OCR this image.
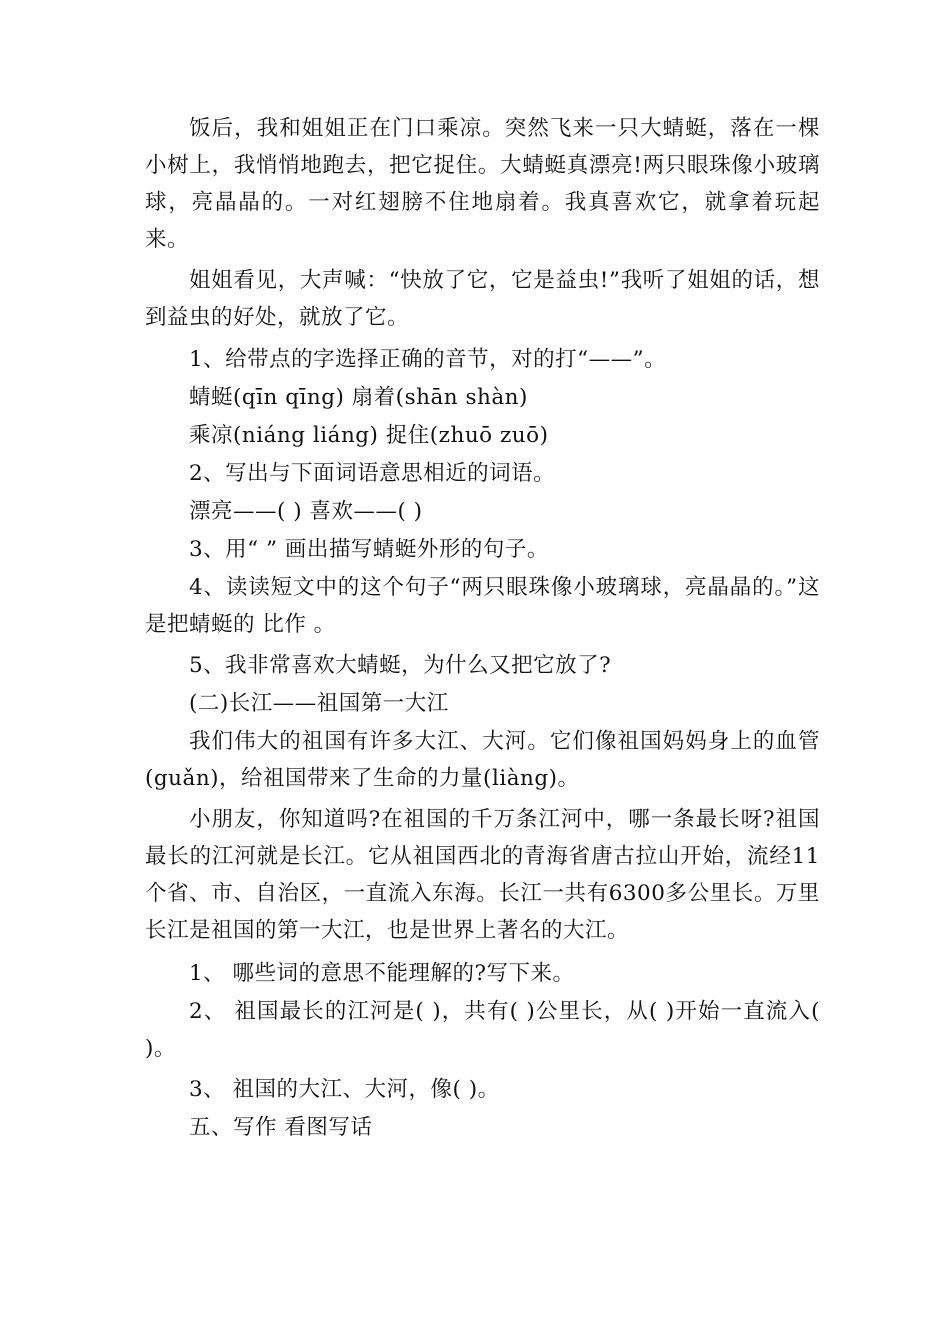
饭后，我和姐姐正在门口乘凉。突然飞来一只大蜻蜓，落在一棵小树上，我悄悄地跑去，把它捉住。大蜻蜓真漂亮!两只眼珠像小玻璃球，亮晶晶的。一对红翅膀不住地扇着。我真喜欢它，就拿着玩起来。

姐姐看见，大声喊：“快放了它，它是益虫!”我听了姐姐的话，想到益虫的好处，就放了它。

1、给带点的字选择正确的音节，对的打“——”。

蜻蜓(qīn qīng) 扇着(shān shàn)

乘凉(niáng liáng) 捉住(zhuō zuō)

2、写出与下面词语意思相近的词语。

漂亮——( ) 喜欢——( )

3、用“ ” 画出描写蜻蜓外形的句子。

4、读读短文中的这个句子“两只眼珠像小玻璃球，亮晶晶的。”这是把蜻蜓的 比作 。

5、我非常喜欢大蜻蜓，为什么又把它放了?

(二)长江——祖国第一大江

我们伟大的祖国有许多大江、大河。它们像祖国妈妈身上的血管(guǎn)，给祖国带来了生命的力量(liàng)。

小朋友，你知道吗?在祖国的千万条江河中，哪一条最长呀?祖国最长的江河就是长江。它从祖国西北的青海省唐古拉山开始，流经11个省、市、自治区，一直流入东海。长江一共有6300多公里长。万里长江是祖国的第一大江，也是世界上著名的大江。

1、 哪些词的意思不能理解的?写下来。

2、 祖国最长的江河是( )，共有( )公里长，从( )开始一直流入( )。

3、 祖国的大江、大河，像( )。

五、写作 看图写话
